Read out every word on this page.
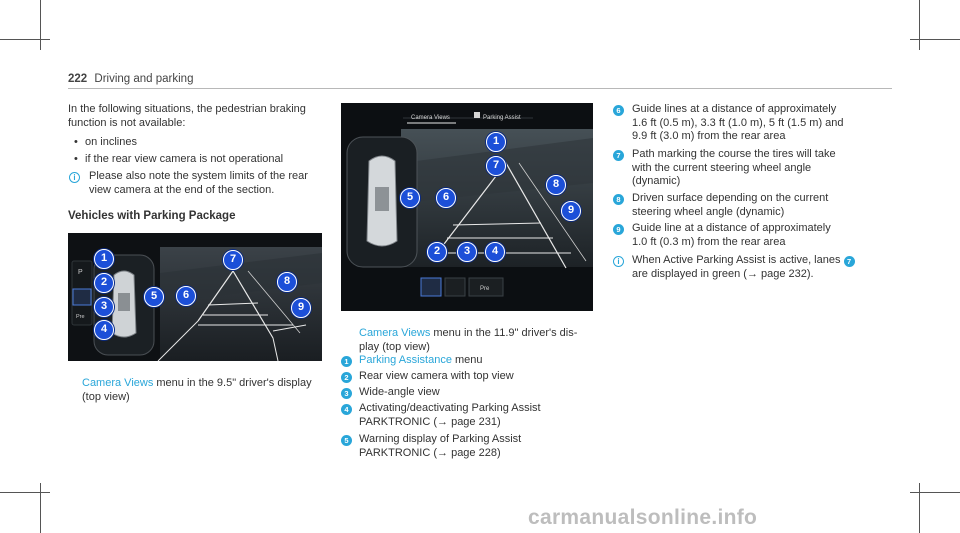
222 Driving and parking
In the following situations, the pedestrian braking
function is not available:
• on inclines
• if the rear view camera is not operational
i	Please also note the system limits of the rear
view camera at the end of the section.
Vehicles with Parking Package
P
Pre
1
2
3
4
5	6
7
8
9
Camera Views menu in the 9.5" driver's display
(top view)
Camera Views	Parking Assist
Pre
1
2	3	4
5	6
7
8
9
Camera Views menu in the 11.9" driver's dis-
play (top view)
1 Parking Assistance menu
2 Rear view camera with top view
3 Wide-angle view
4 Activating/deactivating Parking Assist
PARKTRONIC (→ page 231)
5 Warning display of Parking Assist
PARKTRONIC (→ page 228)
6	Guide lines at a distance of approximately
1.6 ft (0.5 m), 3.3 ft (1.0 m), 5 ft (1.5 m) and
9.9 ft (3.0 m) from the rear area
7	Path marking the course the tires will take
with the current steering wheel angle
(dynamic)
8	Driven surface depending on the current
steering wheel angle (dynamic)
9	Guide line at a distance of approximately
1.0 ft (0.3 m) from the rear area
i	When Active Parking Assist is active, lanes 7
are displayed in green (→ page 232).
carmanualsonline.info
